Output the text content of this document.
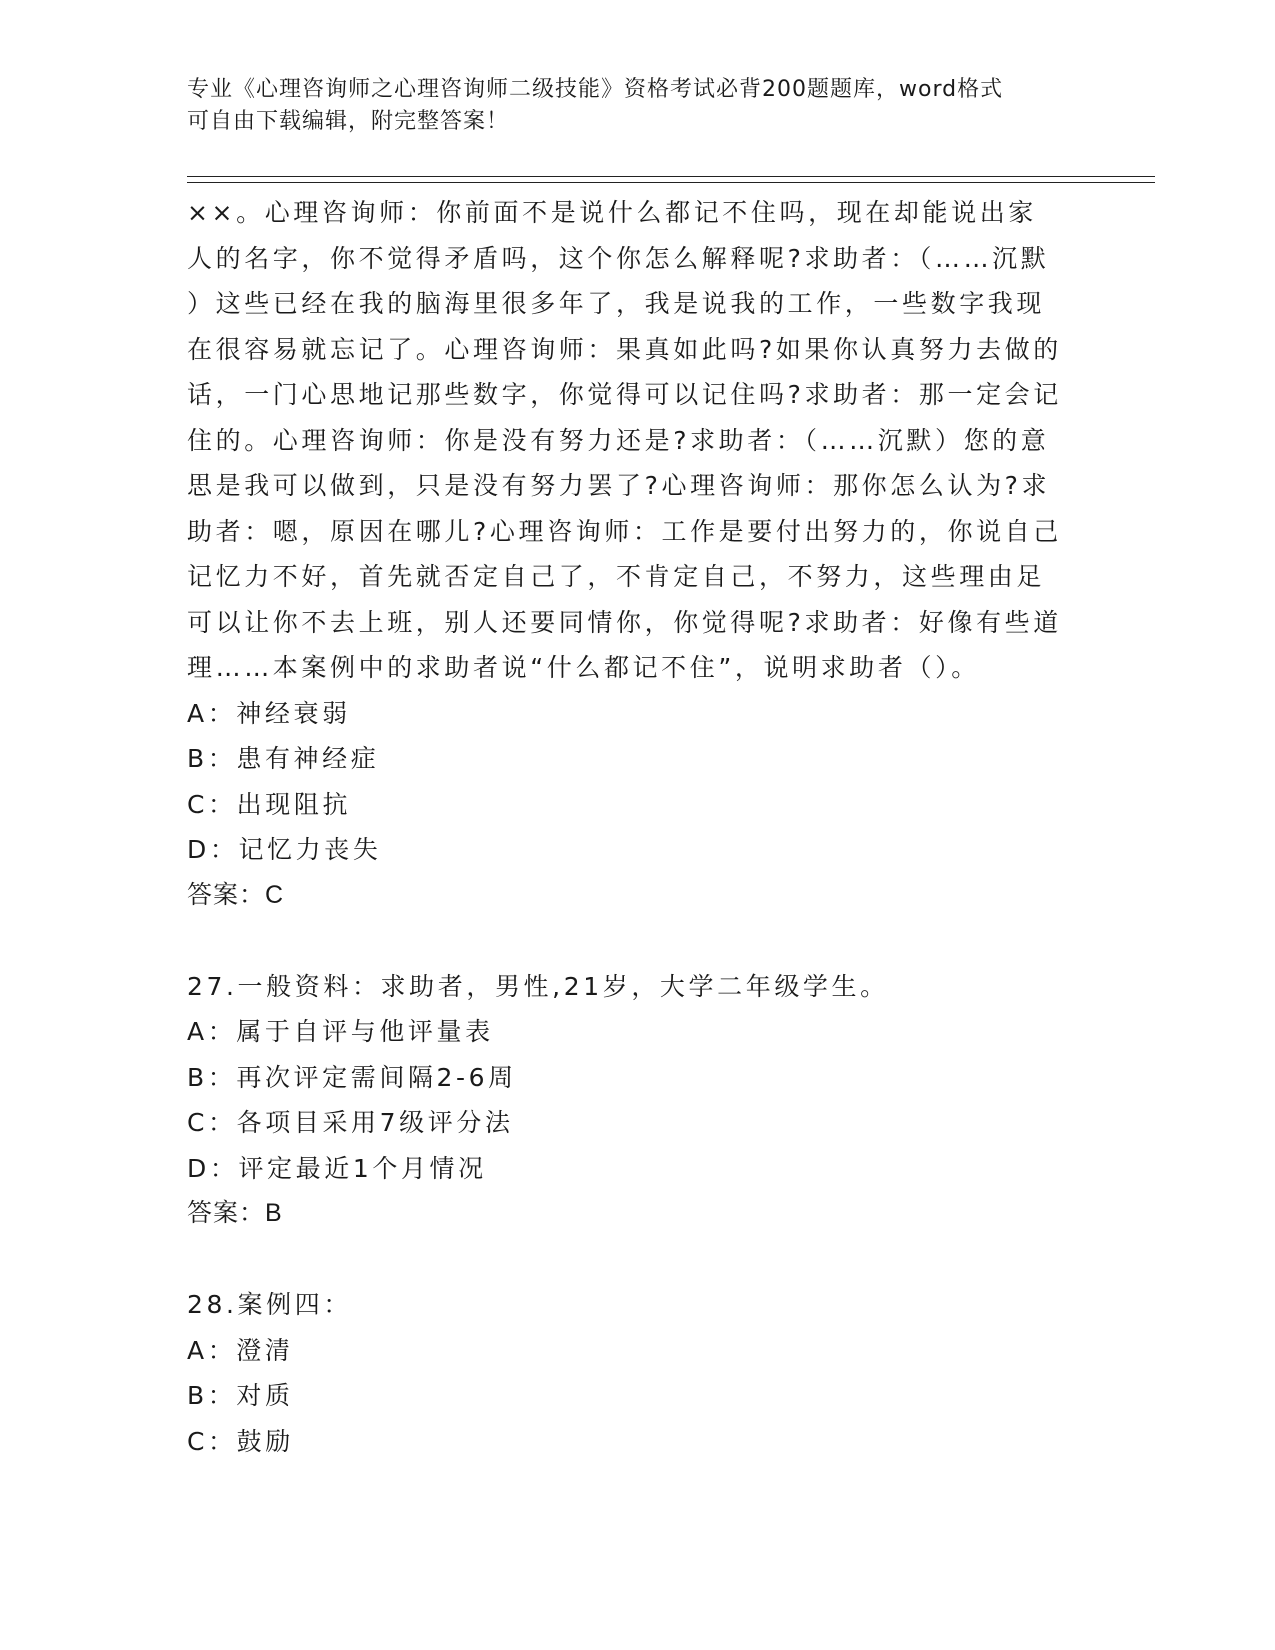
专业《心理咨询师之心理咨询师二级技能》资格考试必背200题题库，word格式
可自由下载编辑，附完整答案！
××。心理咨询师：你前面不是说什么都记不住吗，现在却能说出家
人的名字，你不觉得矛盾吗，这个你怎么解释呢?求助者：（……沉默
）这些已经在我的脑海里很多年了，我是说我的工作，一些数字我现
在很容易就忘记了。心理咨询师：果真如此吗?如果你认真努力去做的
话，一门心思地记那些数字，你觉得可以记住吗?求助者：那一定会记
住的。心理咨询师：你是没有努力还是?求助者：（……沉默）您的意
思是我可以做到，只是没有努力罢了?心理咨询师：那你怎么认为?求
助者：嗯，原因在哪儿?心理咨询师：工作是要付出努力的，你说自己
记忆力不好，首先就否定自己了，不肯定自己，不努力，这些理由足
可以让你不去上班，别人还要同情你，你觉得呢?求助者：好像有些道
理……本案例中的求助者说“什么都记不住”，说明求助者（）。
A：神经衰弱
B：患有神经症
C：出现阻抗
D：记忆力丧失
答案：C
27.一般资料：求助者，男性,21岁，大学二年级学生。
A：属于自评与他评量表
B：再次评定需间隔2-6周
C：各项目采用7级评分法
D：评定最近1个月情况
答案：B
28.案例四：
A：澄清
B：对质
C：鼓励
